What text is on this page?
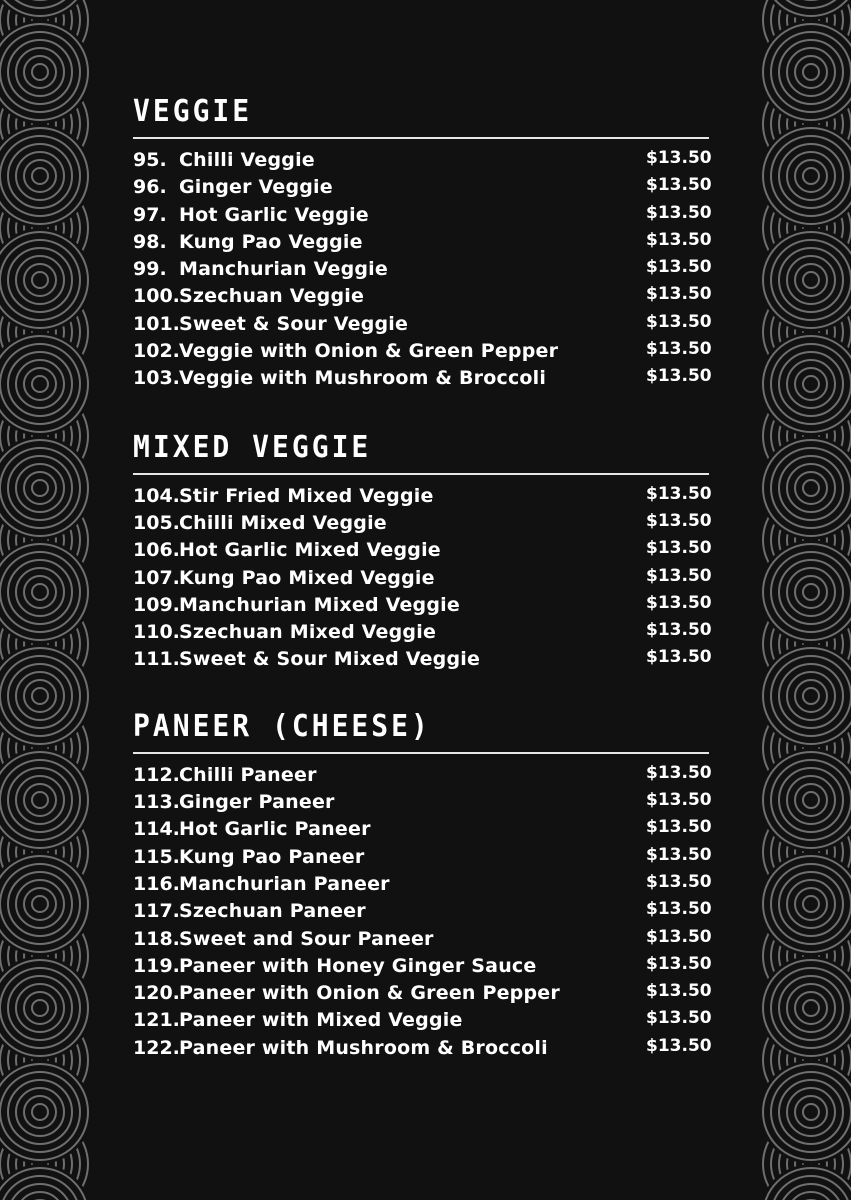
VEGGIE
95. Chilli Veggie	$13.50
96. Ginger Veggie	$13.50
97. Hot Garlic Veggie	$13.50
98. Kung Pao Veggie	$13.50
99. Manchurian Veggie	$13.50
100. Szechuan Veggie	$13.50
101. Sweet & Sour Veggie	$13.50
102. Veggie with Onion & Green Pepper	$13.50
103. Veggie with Mushroom & Broccoli	$13.50
MIXED VEGGIE
104. Stir Fried Mixed Veggie	$13.50
105. Chilli Mixed Veggie	$13.50
106. Hot Garlic Mixed Veggie	$13.50
107. Kung Pao Mixed Veggie	$13.50
109. Manchurian Mixed Veggie	$13.50
110. Szechuan Mixed Veggie	$13.50
111. Sweet & Sour Mixed Veggie	$13.50
PANEER (CHEESE)
112. Chilli Paneer	$13.50
113. Ginger Paneer	$13.50
114. Hot Garlic Paneer	$13.50
115. Kung Pao Paneer	$13.50
116. Manchurian Paneer	$13.50
117. Szechuan Paneer	$13.50
118. Sweet and Sour Paneer	$13.50
119. Paneer with Honey Ginger Sauce	$13.50
120. Paneer with Onion & Green Pepper	$13.50
121. Paneer with Mixed Veggie	$13.50
122. Paneer with Mushroom & Broccoli	$13.50
